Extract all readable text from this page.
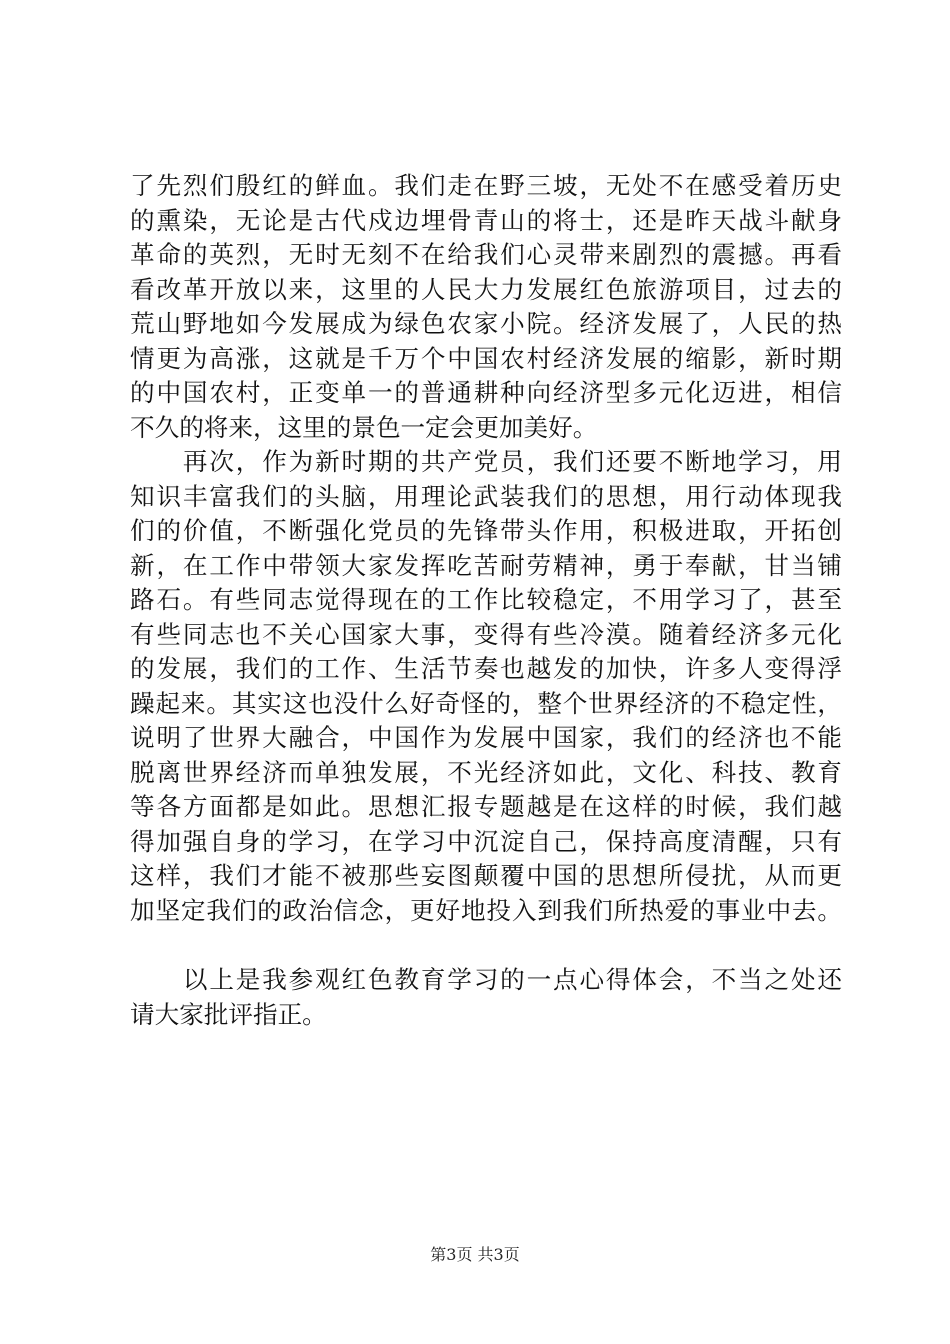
了先烈们殷红的鲜血。我们走在野三坡，无处不在感受着历史
的熏染，无论是古代戍边埋骨青山的将士，还是昨天战斗献身
革命的英烈，无时无刻不在给我们心灵带来剧烈的震撼。再看
看改革开放以来，这里的人民大力发展红色旅游项目，过去的
荒山野地如今发展成为绿色农家小院。经济发展了，人民的热
情更为高涨，这就是千万个中国农村经济发展的缩影，新时期
的中国农村，正变单一的普通耕种向经济型多元化迈进，相信
不久的将来，这里的景色一定会更加美好。
　　再次，作为新时期的共产党员，我们还要不断地学习，用
知识丰富我们的头脑，用理论武装我们的思想，用行动体现我
们的价值，不断强化党员的先锋带头作用，积极进取，开拓创
新，在工作中带领大家发挥吃苦耐劳精神，勇于奉献，甘当铺
路石。有些同志觉得现在的工作比较稳定，不用学习了，甚至
有些同志也不关心国家大事，变得有些冷漠。随着经济多元化
的发展，我们的工作、生活节奏也越发的加快，许多人变得浮
躁起来。其实这也没什么好奇怪的，整个世界经济的不稳定性，
说明了世界大融合，中国作为发展中国家，我们的经济也不能
脱离世界经济而单独发展，不光经济如此，文化、科技、教育
等各方面都是如此。思想汇报专题越是在这样的时候，我们越
得加强自身的学习，在学习中沉淀自己，保持高度清醒，只有
这样，我们才能不被那些妄图颠覆中国的思想所侵扰，从而更
加坚定我们的政治信念，更好地投入到我们所热爱的事业中去。
　　以上是我参观红色教育学习的一点心得体会，不当之处还
请大家批评指正。
第3页 共3页
